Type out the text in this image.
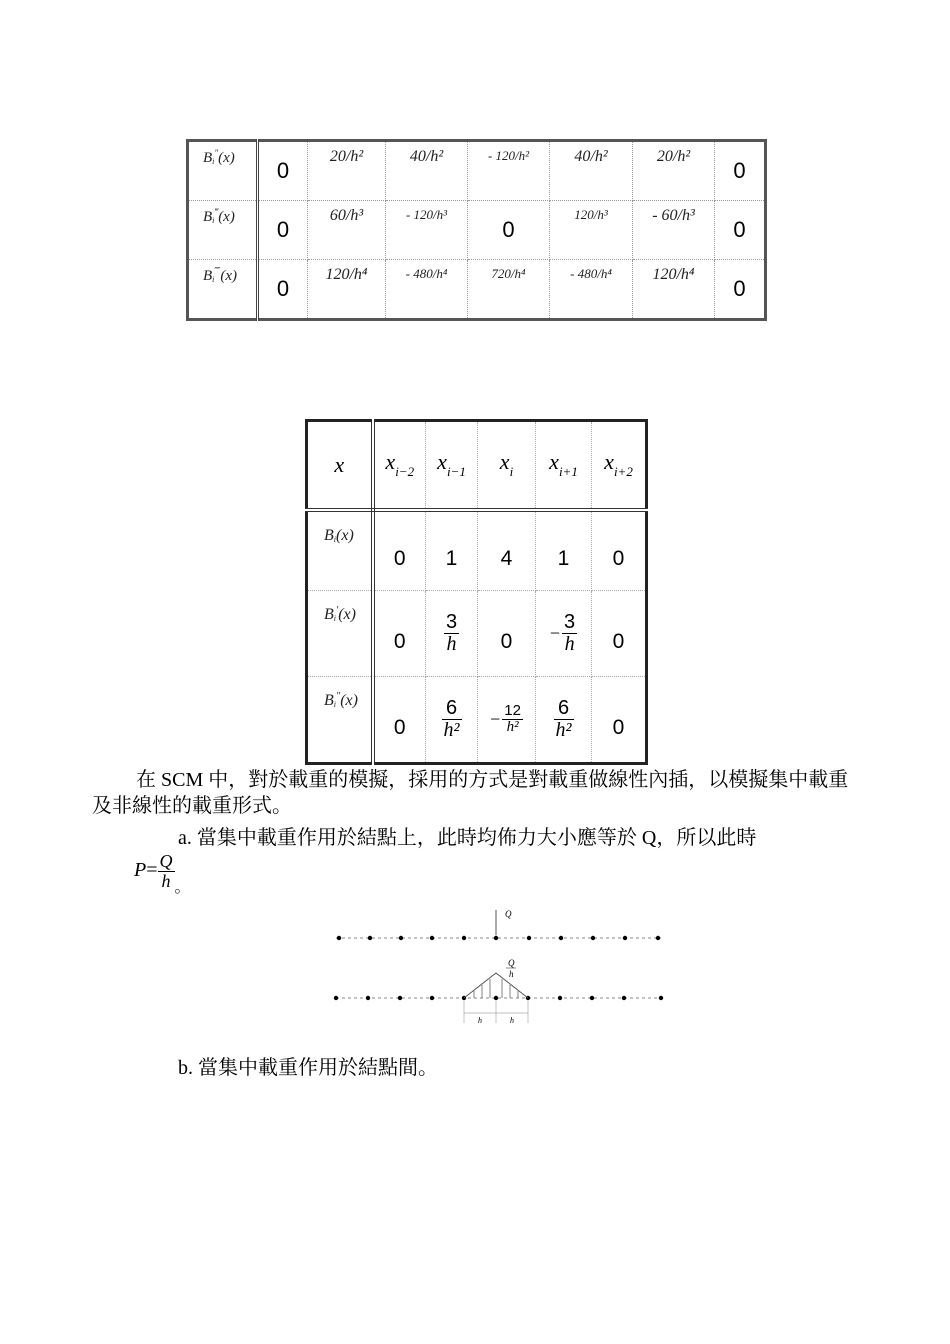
$B_i''(x)$	0	20/h²	40/h²	- 120/h²	40/h²	20/h²	0

$B_i^‴(x)$	0	60/h³	- 120/h³	0	120/h³	- 60/h³	0

$B_i^⁗(x)$	0	120/h⁴	- 480/h⁴	720/h⁴	- 480/h⁴	120/h⁴	0
x	$x_{i-2}$	$x_{i-1}$	$x_i$	$x_{i+1}$	$x_{i+2}$

$B_i(x)$	0	1	4	1	0

$B_i'(x)$	0	$\frac{3}{h}$	0	− $\frac{3}{h}$	0

$B_i''(x)$	0	$\frac{6}{\text{h²}}$	− $\frac{12}{\text{h²}}$	$\frac{6}{\text{h²}}$	0

在 SCM 中，對於載重的模擬，採用的方式是對載重做線性內插，以模擬集中載重及非線性的載重形式。

a. 當集中載重作用於結點上，此時均佈力大小應等於 Q，所以此時

$P= \frac{Q}{h} _。$
Q
Q
h
h	h

b. 當集中載重作用於結點間。
